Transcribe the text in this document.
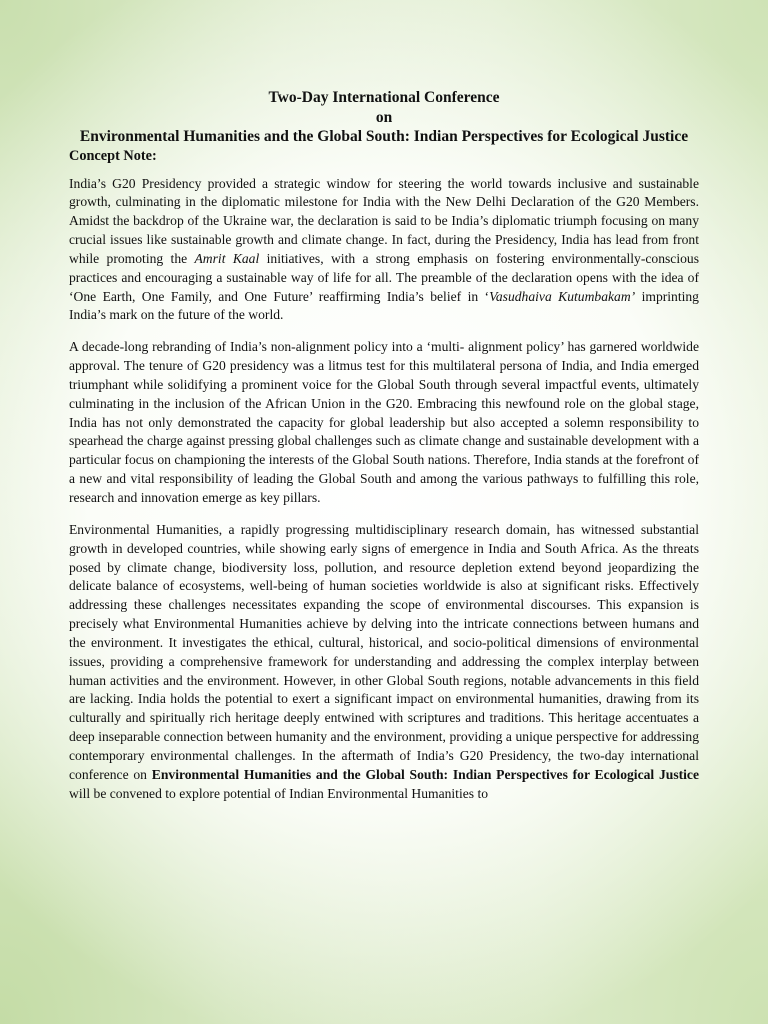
Two-Day International Conference

on

Environmental Humanities and the Global South: Indian Perspectives for Ecological Justice

Concept Note:

India’s G20 Presidency provided a strategic window for steering the world towards inclusive and sustainable growth, culminating in the diplomatic milestone for India with the New Delhi Declaration of the G20 Members. Amidst the backdrop of the Ukraine war, the declaration is said to be India’s diplomatic triumph focusing on many crucial issues like sustainable growth and climate change. In fact, during the Presidency, India has lead from front while promoting the Amrit Kaal initiatives, with a strong emphasis on fostering environmentally-conscious practices and encouraging a sustainable way of life for all. The preamble of the declaration opens with the idea of ‘One Earth, One Family, and One Future’ reaffirming India’s belief in ‘Vasudhaiva Kutumbakam’ imprinting India’s mark on the future of the world.

A decade-long rebranding of India’s non-alignment policy into a ‘multi- alignment policy’ has garnered worldwide approval. The tenure of G20 presidency was a litmus test for this multilateral persona of India, and India emerged triumphant while solidifying a prominent voice for the Global South through several impactful events, ultimately culminating in the inclusion of the African Union in the G20. Embracing this newfound role on the global stage, India has not only demonstrated the capacity for global leadership but also accepted a solemn responsibility to spearhead the charge against pressing global challenges such as climate change and sustainable development with a particular focus on championing the interests of the Global South nations. Therefore, India stands at the forefront of a new and vital responsibility of leading the Global South and among the various pathways to fulfilling this role, research and innovation emerge as key pillars.

Environmental Humanities, a rapidly progressing multidisciplinary research domain, has witnessed substantial growth in developed countries, while showing early signs of emergence in India and South Africa. As the threats posed by climate change, biodiversity loss, pollution, and resource depletion extend beyond jeopardizing the delicate balance of ecosystems, well-being of human societies worldwide is also at significant risks. Effectively addressing these challenges necessitates expanding the scope of environmental discourses. This expansion is precisely what Environmental Humanities achieve by delving into the intricate connections between humans and the environment. It investigates the ethical, cultural, historical, and socio-political dimensions of environmental issues, providing a comprehensive framework for understanding and addressing the complex interplay between human activities and the environment. However, in other Global South regions, notable advancements in this field are lacking. India holds the potential to exert a significant impact on environmental humanities, drawing from its culturally and spiritually rich heritage deeply entwined with scriptures and traditions. This heritage accentuates a deep inseparable connection between humanity and the environment, providing a unique perspective for addressing contemporary environmental challenges. In the aftermath of India’s G20 Presidency, the two-day international conference on Environmental Humanities and the Global South: Indian Perspectives for Ecological Justice will be convened to explore potential of Indian Environmental Humanities to
